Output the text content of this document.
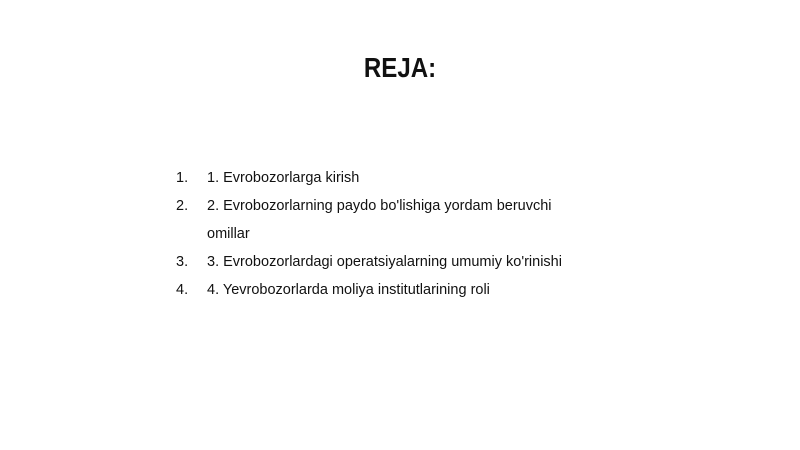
REJA:
1.	1. Evrobozorlarga kirish
2.	2. Evrobozorlarning paydo bo'lishiga yordam beruvchi omillar
3.	3. Evrobozorlardagi operatsiyalarning umumiy ko'rinishi
4.	4. Yevrobozorlarda moliya institutlarining roli
